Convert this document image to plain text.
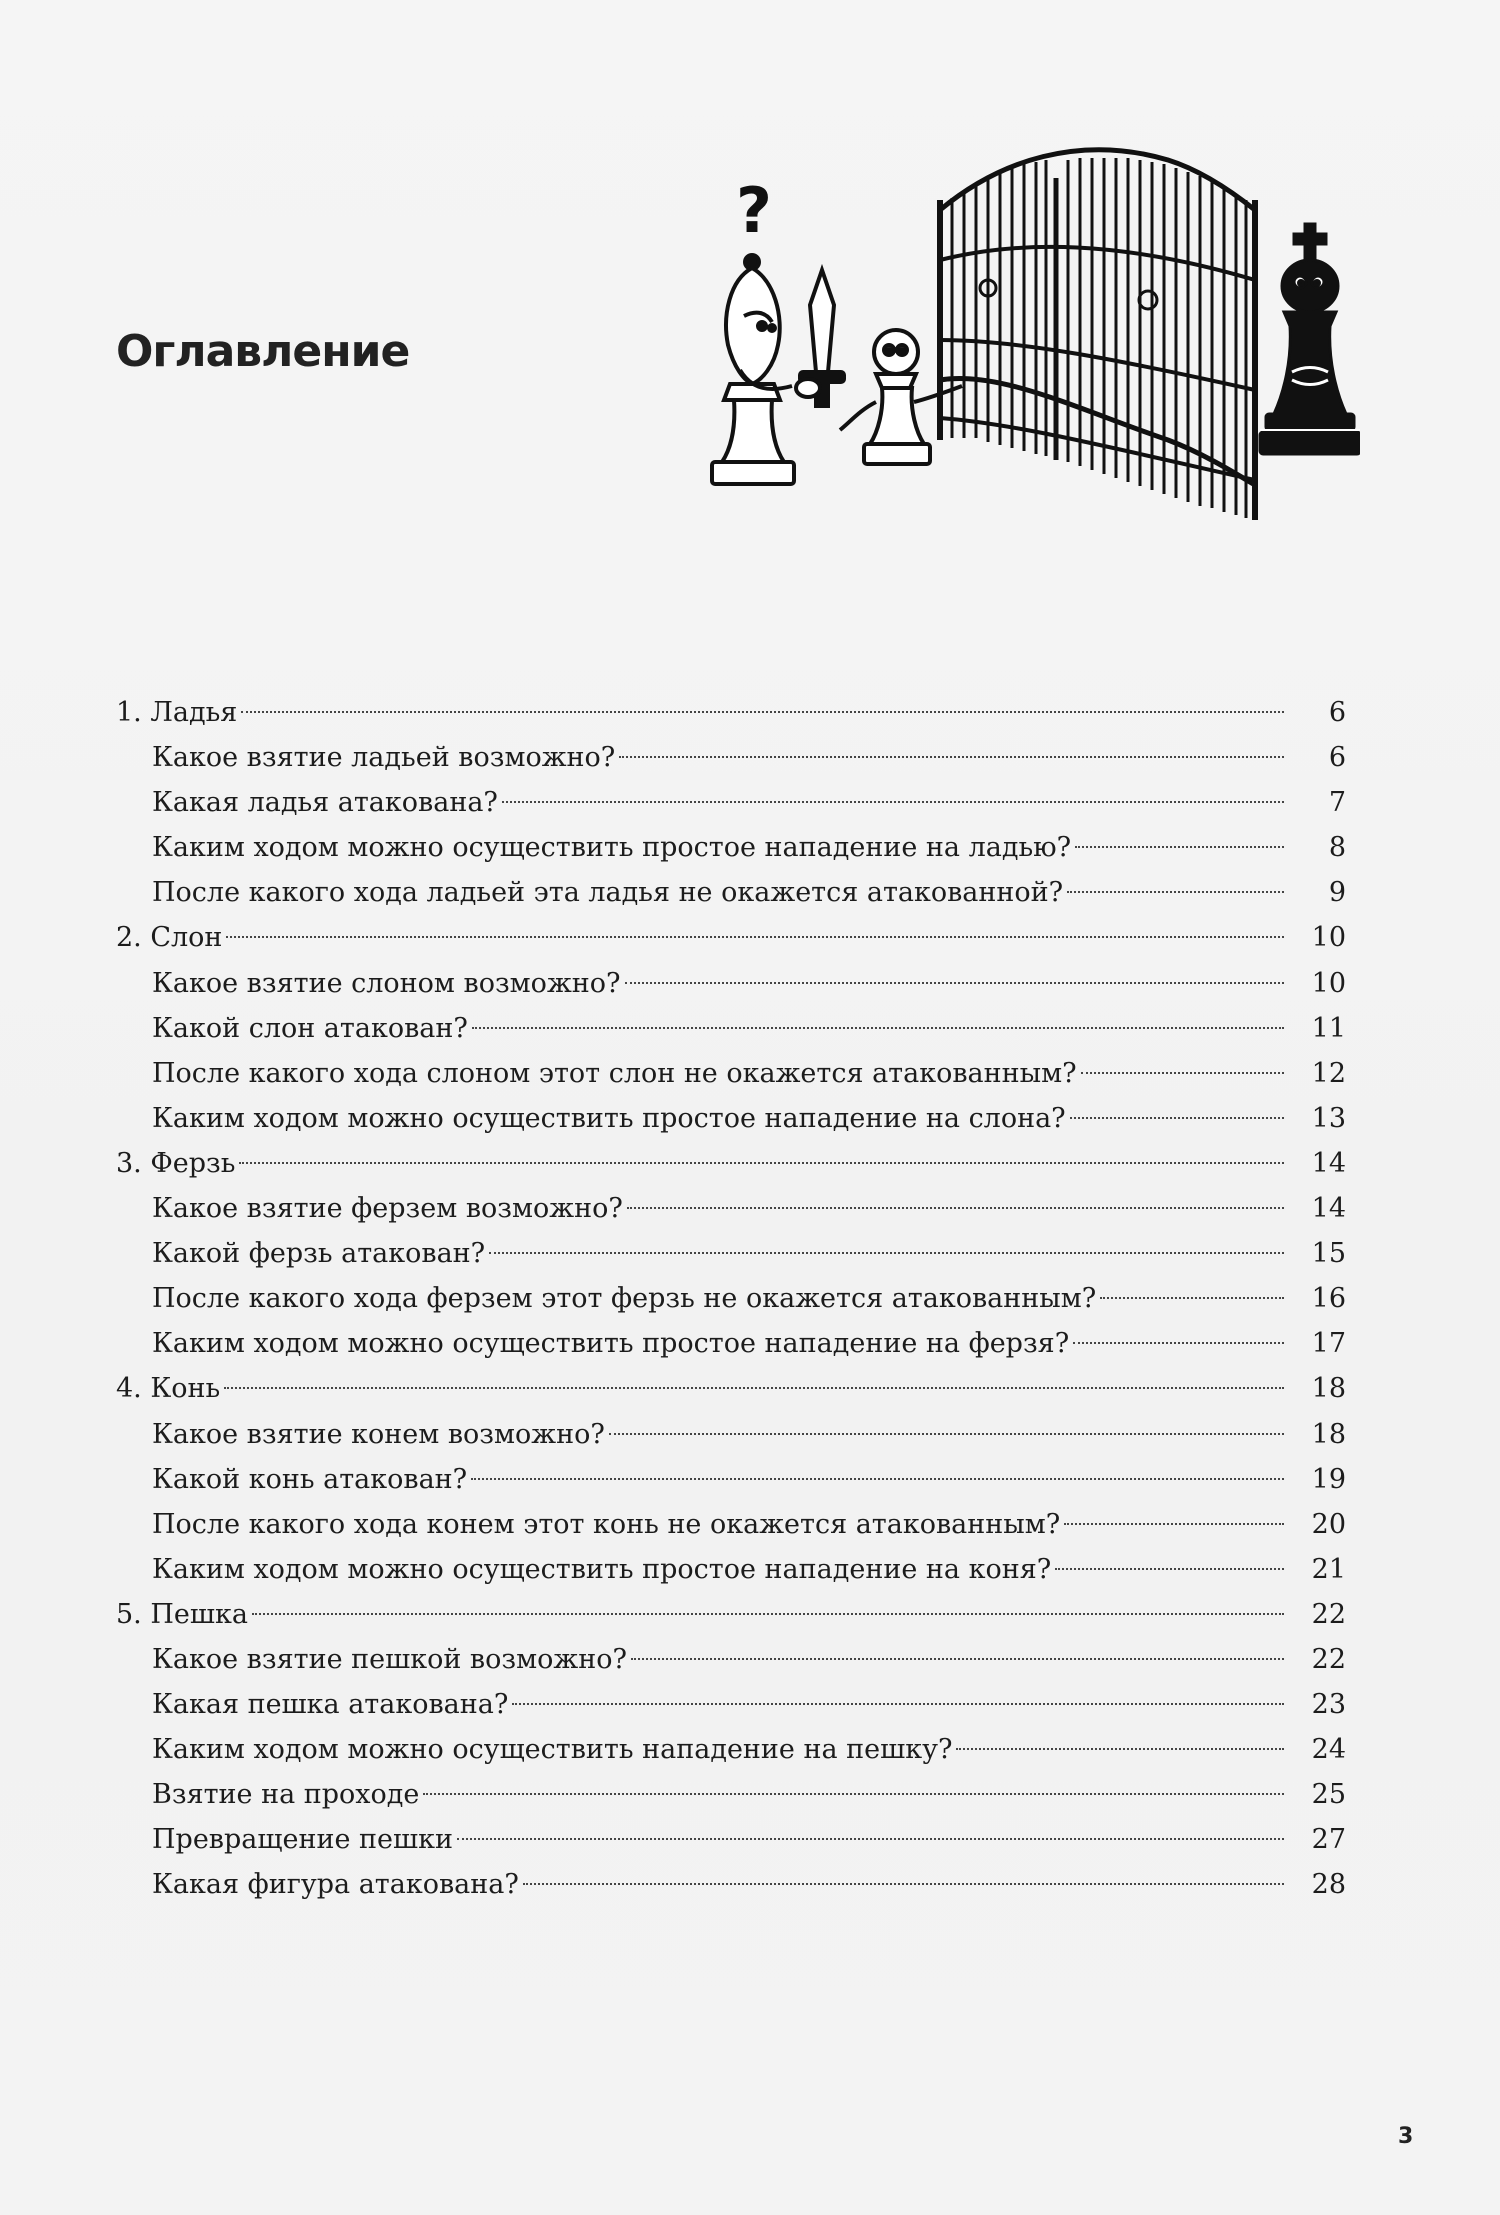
Оглавление
?
1. Ладья	6
Какое взятие ладьей возможно?	6
Какая ладья атакована?	7
Каким ходом можно осуществить простое нападение на ладью?	8
После какого хода ладьей эта ладья не окажется атакованной?	9
2. Слон	10
Какое взятие слоном возможно?	10
Какой слон атакован?	11
После какого хода слоном этот слон не окажется атакованным?	12
Каким ходом можно осуществить простое нападение на слона?	13
3. Ферзь	14
Какое взятие ферзем возможно?	14
Какой ферзь атакован?	15
После какого хода ферзем этот ферзь не окажется атакованным?	16
Каким ходом можно осуществить простое нападение на ферзя?	17
4. Конь	18
Какое взятие конем возможно?	18
Какой конь атакован?	19
После какого хода конем этот конь не окажется атакованным?	20
Каким ходом можно осуществить простое нападение на коня?	21
5. Пешка	22
Какое взятие пешкой возможно?	22
Какая пешка атакована?	23
Каким ходом можно осуществить нападение на пешку?	24
Взятие на проходе	25
Превращение пешки	27
Какая фигура атакована?	28
3
